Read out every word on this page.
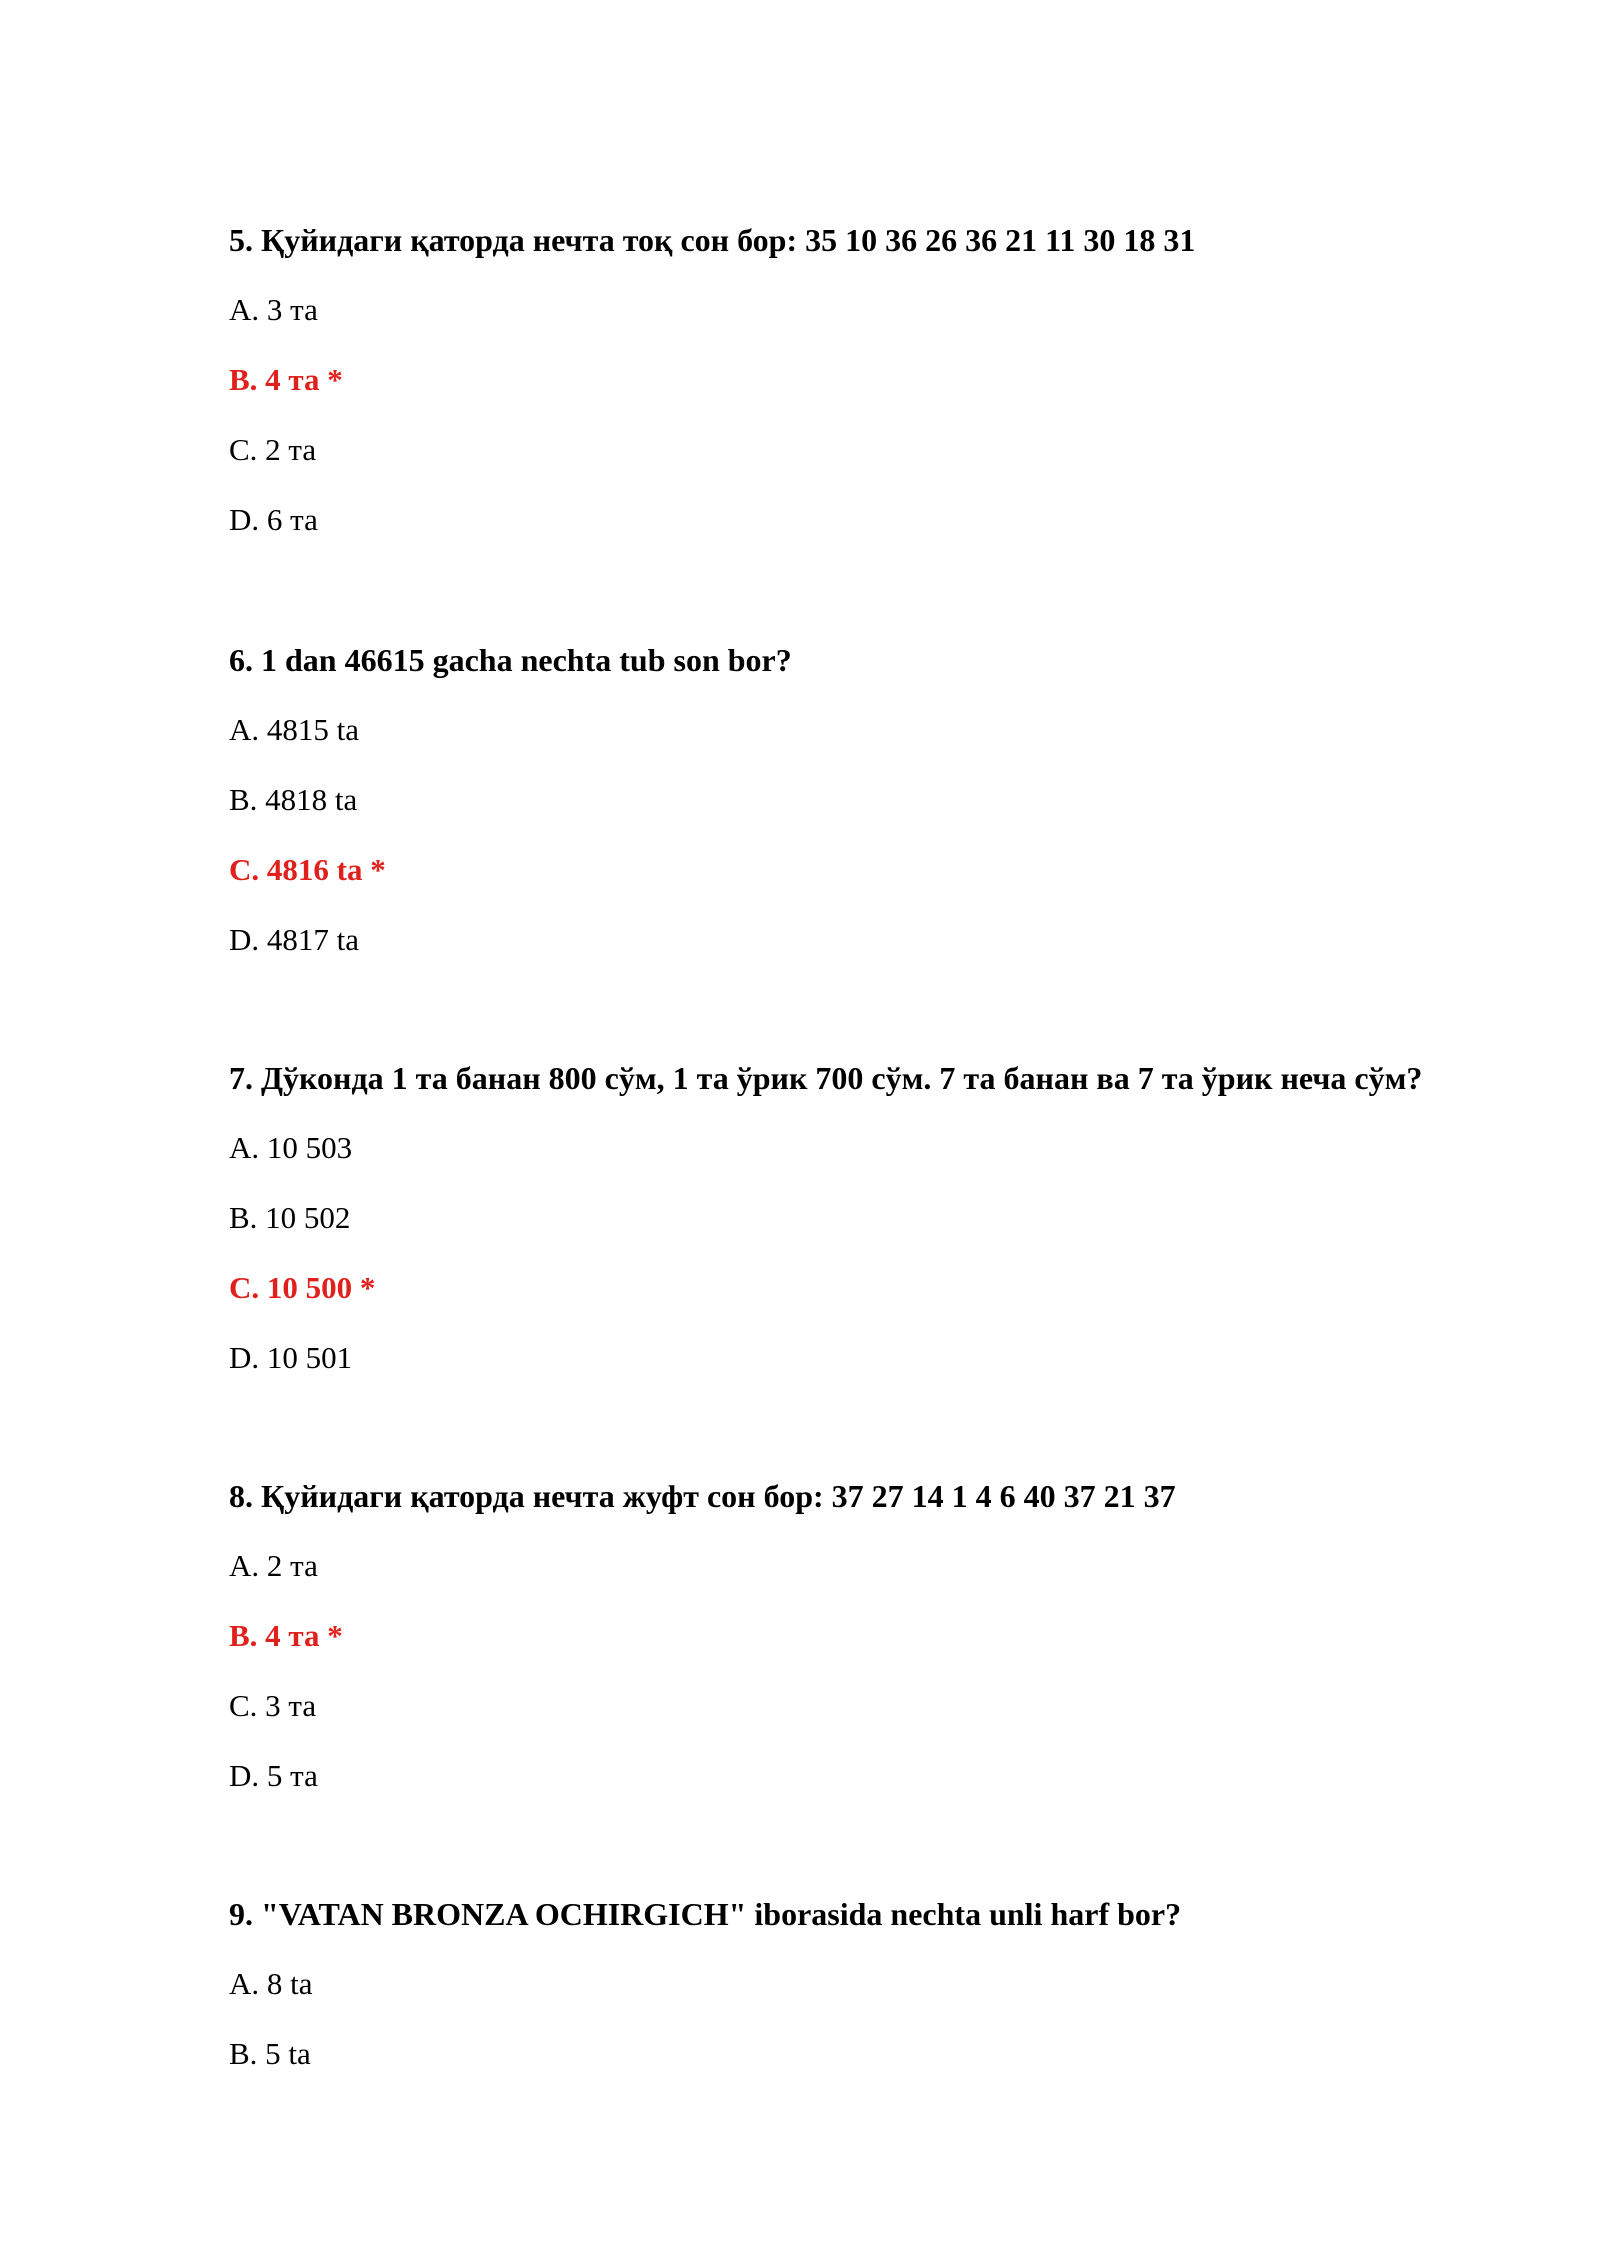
5. Қуйидаги қаторда нечта тоқ сон бор: 35 10 36 26 36 21 11 30 18 31
A. 3 та
B. 4 та *
C. 2 та
D. 6 та
6. 1 dan 46615 gacha nechta tub son bor?
A. 4815 ta
B. 4818 ta
C. 4816 ta *
D. 4817 ta
7. Дўконда 1 та банан 800 сўм, 1 та ўрик 700 сўм. 7 та банан ва 7 та ўрик неча сўм?
A. 10 503
B. 10 502
C. 10 500 *
D. 10 501
8. Қуйидаги қаторда нечта жуфт сон бор: 37 27 14 1 4 6 40 37 21 37
A. 2 та
B. 4 та *
C. 3 та
D. 5 та
9. "VATAN BRONZA OCHIRGICH" iborasida nechta unli harf bor?
A. 8 ta
B. 5 ta
